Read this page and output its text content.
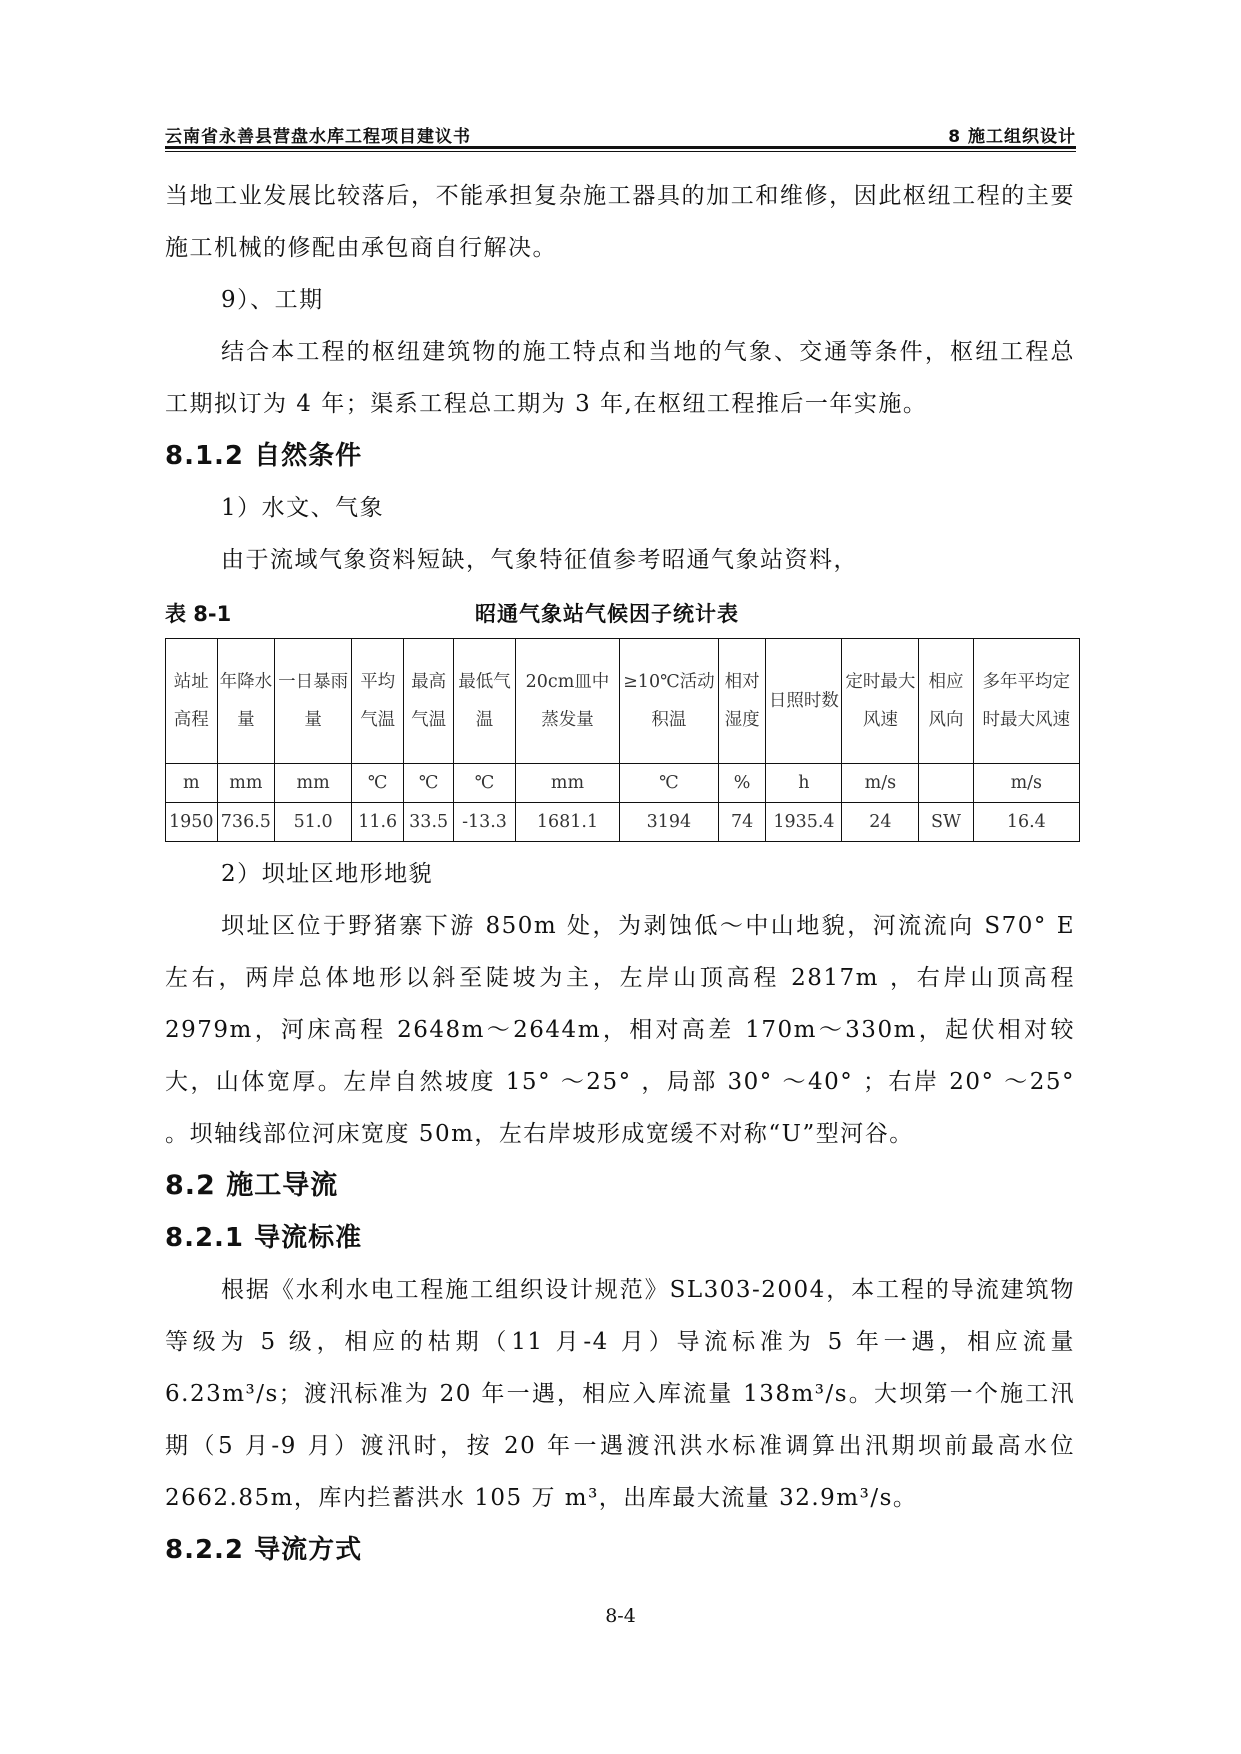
云南省永善县营盘水库工程项目建议书	8 施工组织设计

当地工业发展比较落后，不能承担复杂施工器具的加工和维修，因此枢纽工程的主要施工机械的修配由承包商自行解决。

9）、工期

结合本工程的枢纽建筑物的施工特点和当地的气象、交通等条件，枢纽工程总工期拟订为 4 年；渠系工程总工期为 3 年,在枢纽工程推后一年实施。

8.1.2 自然条件

1）水文、气象

由于流域气象资料短缺，气象特征值参考昭通气象站资料，

表 8-1	昭通气象站气候因子统计表
站址高程	年降水量	一日暴雨量	平均气温	最高气温	最低气温	20cm皿中蒸发量	≥10℃活动积温	相对湿度	日照时数	定时最大风速	相应风向	多年平均定时最大风速
m	mm	mm	℃	℃	℃	mm	℃	%	h	m/s		m/s
1950	736.5	51.0	11.6	33.5	-13.3	1681.1	3194	74	1935.4	24	SW	16.4

2）坝址区地形地貌

坝址区位于野猪寨下游 850m 处，为剥蚀低～中山地貌，河流流向 S70° E 左右，两岸总体地形以斜至陡坡为主，左岸山顶高程 2817m ，右岸山顶高程 2979m，河床高程 2648m～2644m，相对高差 170m～330m，起伏相对较大，山体宽厚。左岸自然坡度 15° ～25° ，局部 30° ～40° ；右岸 20° ～25° 。坝轴线部位河床宽度 50m，左右岸坡形成宽缓不对称“U”型河谷。

8.2 施工导流
8.2.1 导流标准

根据《水利水电工程施工组织设计规范》SL303-2004，本工程的导流建筑物等级为 5 级，相应的枯期（11 月-4 月）导流标准为 5 年一遇，相应流量 6.23m³/s；渡汛标准为 20 年一遇，相应入库流量 138m³/s。大坝第一个施工汛期（5 月-9 月）渡汛时，按 20 年一遇渡汛洪水标准调算出汛期坝前最高水位 2662.85m，库内拦蓄洪水 105 万 m³，出库最大流量 32.9m³/s。

8.2.2 导流方式
8-4
